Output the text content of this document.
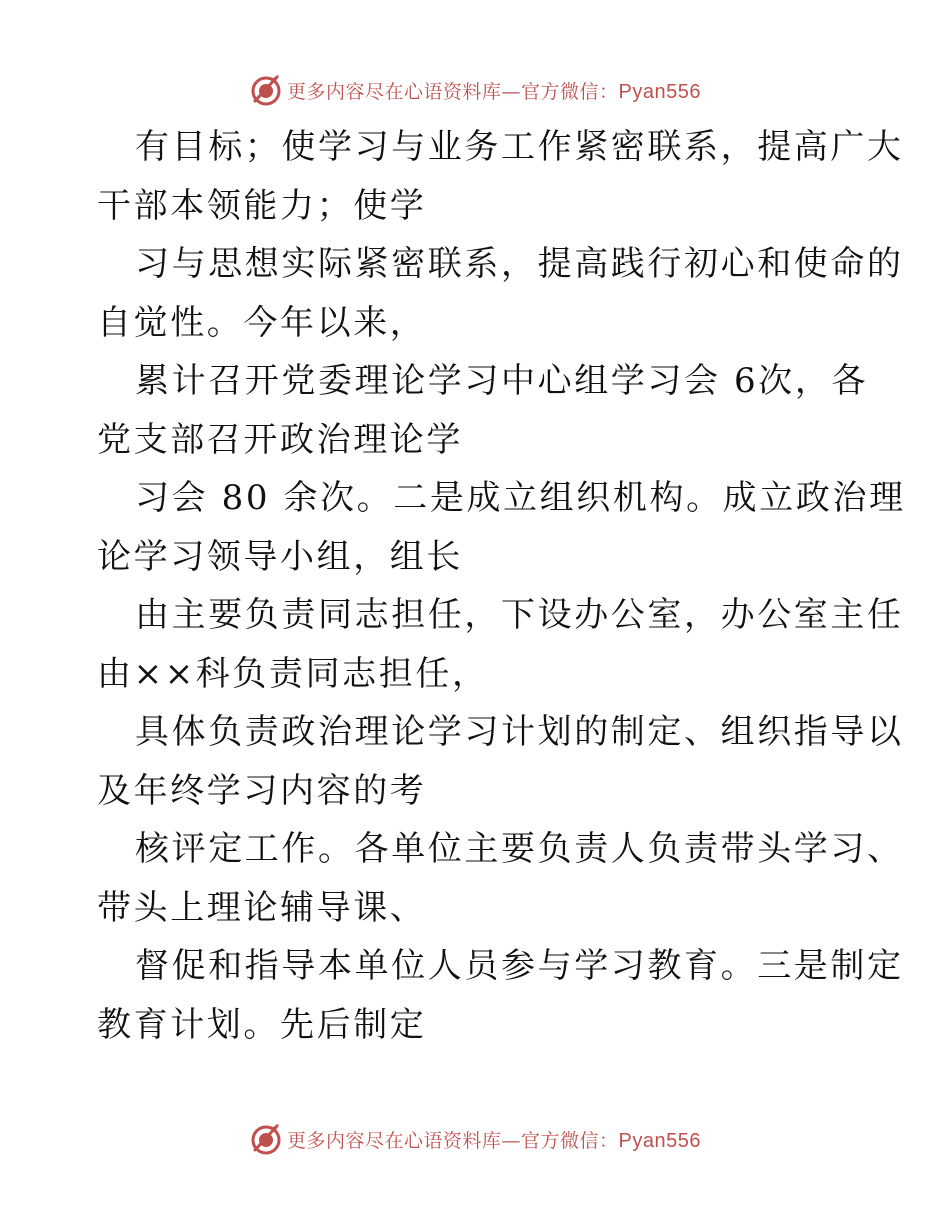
更多内容尽在心语资料库—官方微信：Pyan556

有目标；使学习与业务工作紧密联系，提高广大
干部本领能力；使学

习与思想实际紧密联系，提高践行初心和使命的
自觉性。今年以来，

累计召开党委理论学习中心组学习会 6次，各
党支部召开政治理论学

习会 80 余次。二是成立组织机构。成立政治理
论学习领导小组，组长

由主要负责同志担任，下设办公室，办公室主任
由××科负责同志担任，

具体负责政治理论学习计划的制定、组织指导以
及年终学习内容的考

核评定工作。各单位主要负责人负责带头学习、
带头上理论辅导课、

督促和指导本单位人员参与学习教育。三是制定
教育计划。先后制定

更多内容尽在心语资料库—官方微信：Pyan556
